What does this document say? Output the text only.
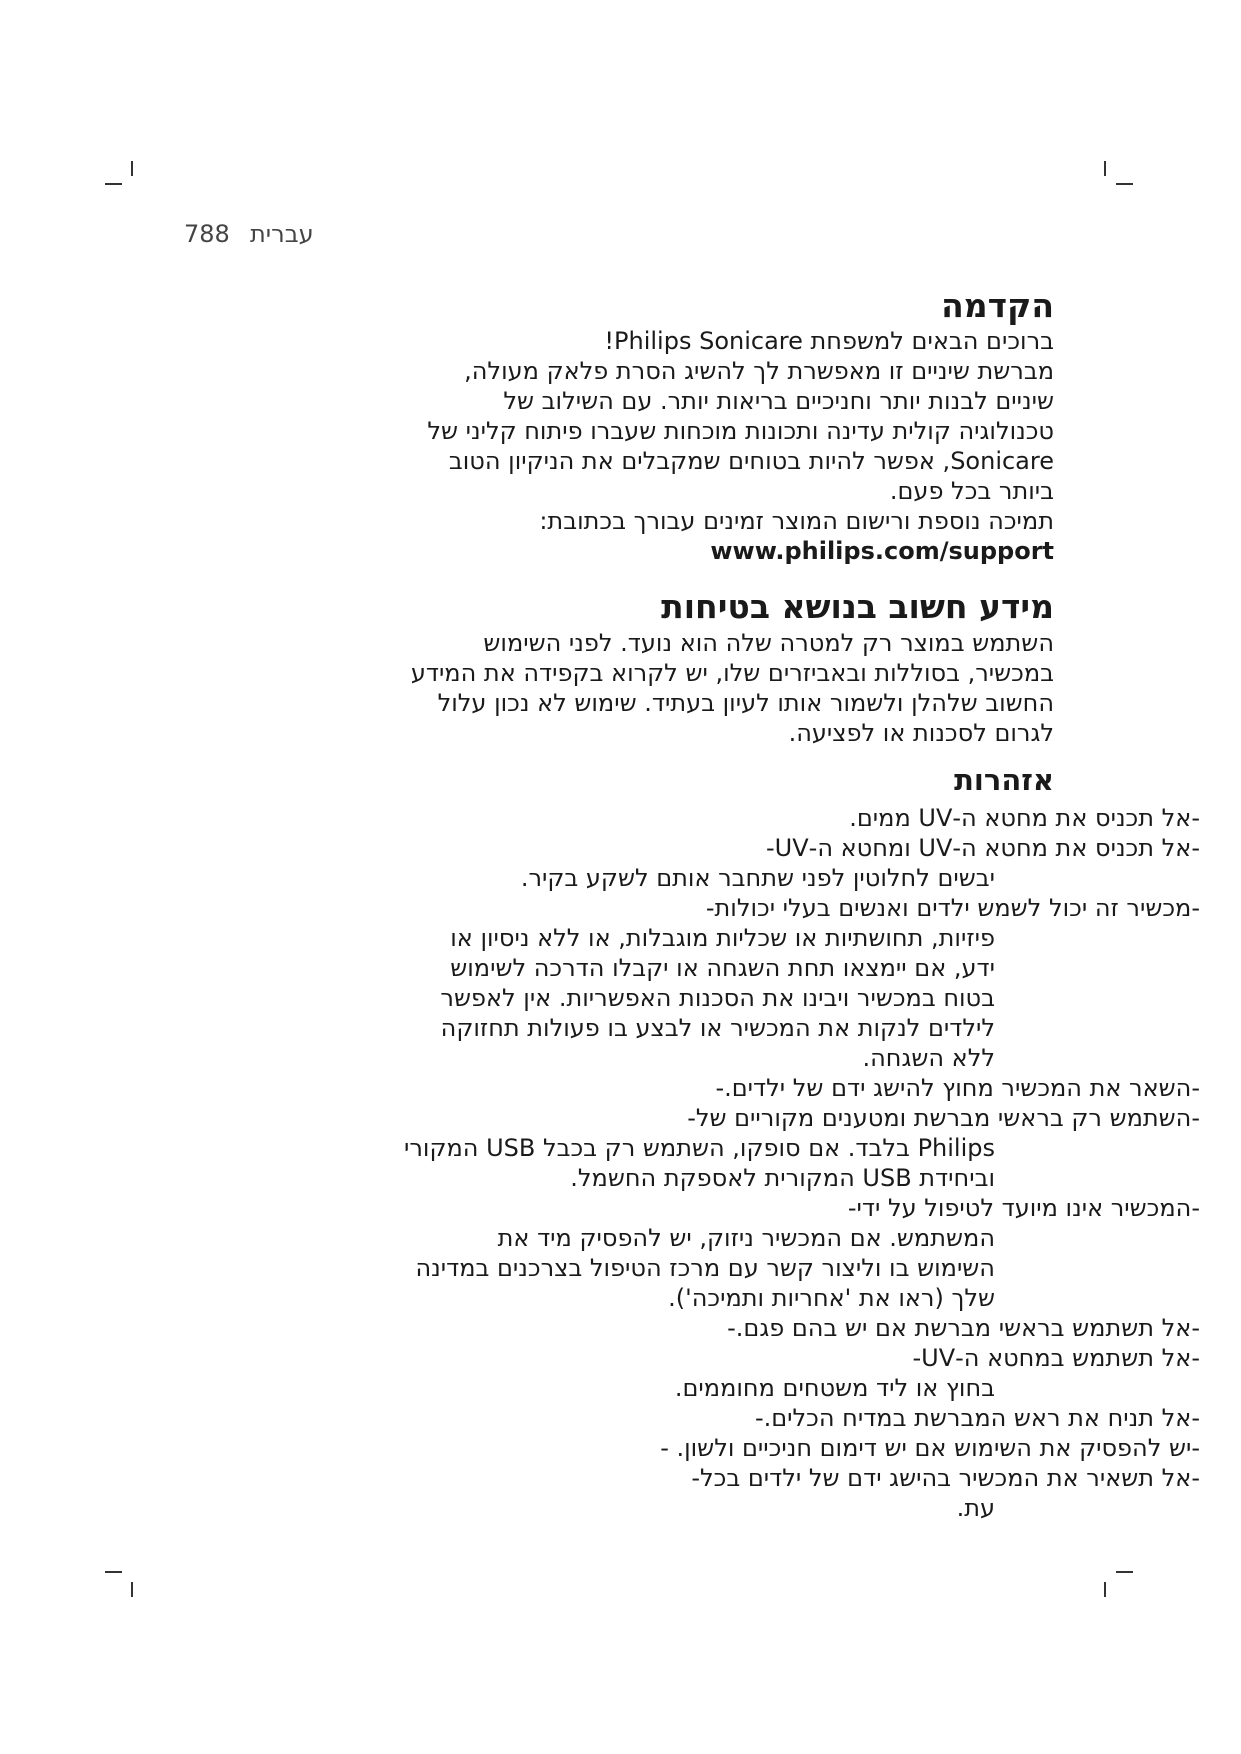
788 עברית
הקדמה
ברוכים הבאים למשפחת Philips Sonicare!
מברשת שיניים זו מאפשרת לך להשיג הסרת פלאק מעולה,
שיניים לבנות יותר וחניכיים בריאות יותר. עם השילוב של
טכנולוגיה קולית עדינה ותכונות מוכחות שעברו פיתוח קליני של
Sonicare, אפשר להיות בטוחים שמקבלים את הניקיון הטוב
ביותר בכל פעם.
תמיכה נוספת ורישום המוצר זמינים עבורך בכתובת:
www.philips.com/support
מידע חשוב בנושא בטיחות
השתמש במוצר רק למטרה שלה הוא נועד. לפני השימוש
במכשיר, בסוללות ובאביזרים שלו, יש לקרוא בקפידה את המידע
החשוב שלהלן ולשמור אותו לעיון בעתיד. שימוש לא נכון עלול
לגרום לסכנות או לפציעה.
אזהרות
-אל תכניס את מחטא ה-UV ממים.
-אל תכניס את מחטא ה-UV ומחטא ה-UV-
-מכשיר זה יכול לשמש ילדים ואנשים בעלי יכולות-
-השאר את המכשיר מחוץ להישג ידם של ילדים.-
-השתמש רק בראשי מברשת ומטענים מקוריים של-
-המכשיר אינו מיועד לטיפול על ידי-
-אל תשתמש בראשי מברשת אם יש בהם פגם.-
-אל תשתמש במחטא ה-UV-
-אל תניח את ראש המברשת במדיח הכלים.-
-יש להפסיק את השימוש אם יש דימום חניכיים ולשון. -
-אל תשאיר את המכשיר בהישג ידם של ילדים בכל-
יבשים לחלוטין לפני שתחבר אותם לשקע בקיר.
פיזיות, תחושתיות או שכליות מוגבלות, או ללא ניסיון או
ידע, אם יימצאו תחת השגחה או יקבלו הדרכה לשימוש
בטוח במכשיר ויבינו את הסכנות האפשריות. אין לאפשר
לילדים לנקות את המכשיר או לבצע בו פעולות תחזוקה
ללא השגחה.
Philips בלבד. אם סופקו, השתמש רק בכבל USB המקורי
וביחידת USB המקורית לאספקת החשמל.
המשתמש. אם המכשיר ניזוק, יש להפסיק מיד את
השימוש בו וליצור קשר עם מרכז הטיפול בצרכנים במדינה
שלך (ראו את 'אחריות ותמיכה').
בחוץ או ליד משטחים מחוממים.
עת.
